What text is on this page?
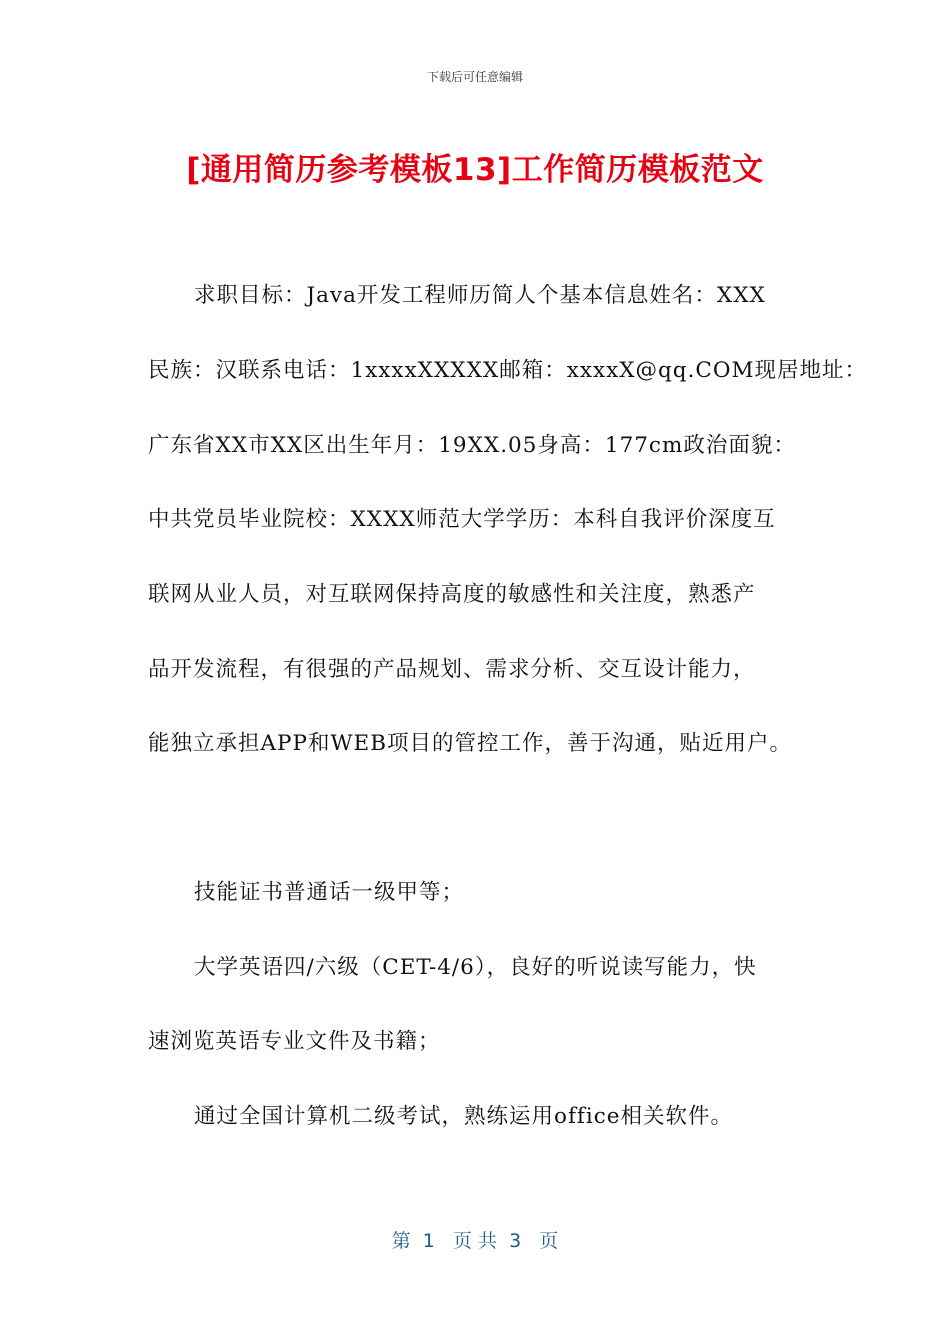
下载后可任意编辑
[通用简历参考模板13]工作简历模板范文
求职目标：Java开发工程师历简人个基本信息姓名：XXX
民族：汉联系电话：1xxxxXXXXX邮箱：xxxxX@qq.COM现居地址：
广东省XX市XX区出生年月：19XX.05身高：177cm政治面貌：
中共党员毕业院校：XXXX师范大学学历：本科自我评价深度互
联网从业人员，对互联网保持高度的敏感性和关注度，熟悉产
品开发流程，有很强的产品规划、需求分析、交互设计能力，
能独立承担APP和WEB项目的管控工作，善于沟通，贴近用户。
技能证书普通话一级甲等；
大学英语四/六级（CET-4/6），良好的听说读写能力，快
速浏览英语专业文件及书籍；
通过全国计算机二级考试，熟练运用office相关软件。
第  1   页 共  3   页
